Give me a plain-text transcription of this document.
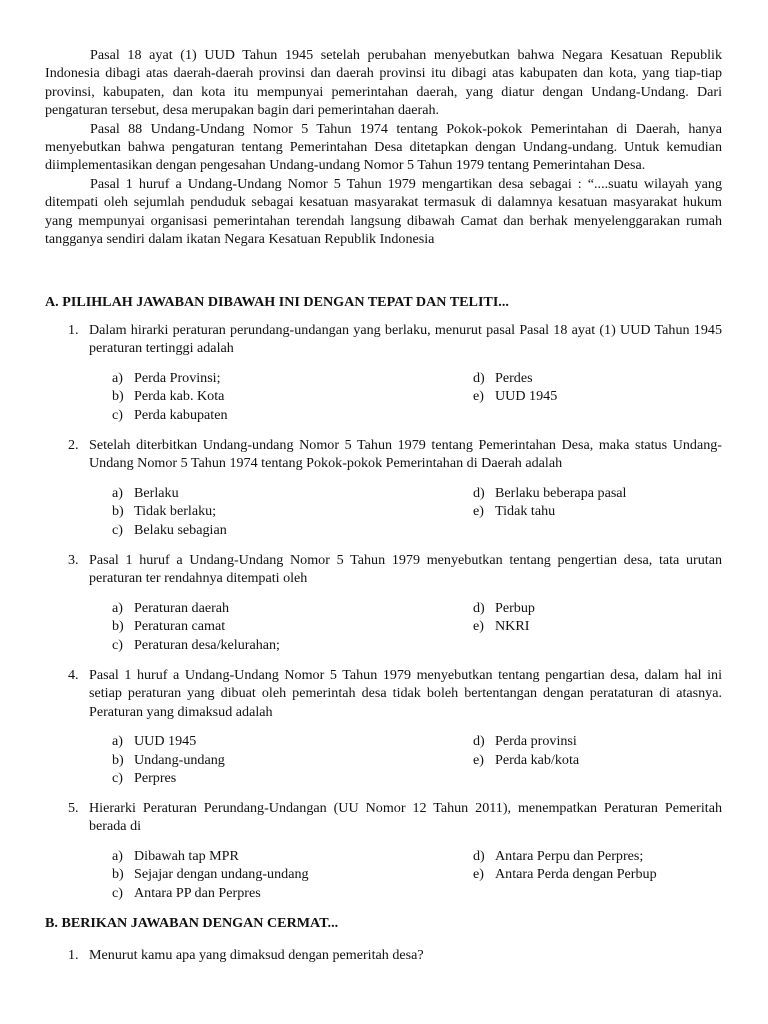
Pasal 18 ayat (1) UUD Tahun 1945 setelah perubahan menyebutkan bahwa Negara Kesatuan Republik Indonesia dibagi atas daerah-daerah provinsi dan daerah provinsi itu dibagi atas kabupaten dan kota, yang tiap-tiap provinsi, kabupaten, dan kota itu mempunyai pemerintahan daerah, yang diatur dengan Undang-Undang. Dari pengaturan tersebut, desa merupakan bagin dari pemerintahan daerah.

Pasal 88 Undang-Undang Nomor 5 Tahun 1974 tentang Pokok-pokok Pemerintahan di Daerah, hanya menyebutkan bahwa pengaturan tentang Pemerintahan Desa ditetapkan dengan Undang-undang. Untuk kemudian diimplementasikan dengan pengesahan Undang-undang Nomor 5 Tahun 1979 tentang Pemerintahan Desa.

Pasal 1 huruf a Undang-Undang Nomor 5 Tahun 1979 mengartikan desa sebagai : “....suatu wilayah yang ditempati oleh sejumlah penduduk sebagai kesatuan masyarakat termasuk di dalamnya kesatuan masyarakat hukum yang mempunyai organisasi pemerintahan terendah langsung dibawah Camat dan berhak menyelenggarakan rumah tangganya sendiri dalam ikatan Negara Kesatuan Republik Indonesia

A. PILIHLAH JAWABAN DIBAWAH INI DENGAN TEPAT DAN TELITI...
1. Dalam hirarki peraturan perundang-undangan yang berlaku, menurut pasal Pasal 18 ayat (1) UUD Tahun 1945 peraturan tertinggi adalah
a) Perda Provinsi;	d) Perdes
b) Perda kab. Kota	e) UUD 1945
c) Perda kabupaten
2. Setelah diterbitkan Undang-undang Nomor 5 Tahun 1979 tentang Pemerintahan Desa, maka status Undang-Undang Nomor 5 Tahun 1974 tentang Pokok-pokok Pemerintahan di Daerah adalah
a) Berlaku	d) Berlaku beberapa pasal
b) Tidak berlaku;	e) Tidak tahu
c) Belaku sebagian
3. Pasal 1 huruf a Undang-Undang Nomor 5 Tahun 1979 menyebutkan tentang pengertian desa, tata urutan peraturan ter rendahnya ditempati oleh
a) Peraturan daerah	d) Perbup
b) Peraturan camat	e) NKRI
c) Peraturan desa/kelurahan;
4. Pasal 1 huruf a Undang-Undang Nomor 5 Tahun 1979 menyebutkan tentang pengartian desa, dalam hal ini setiap peraturan yang dibuat oleh pemerintah desa tidak boleh bertentangan dengan perataturan di atasnya. Peraturan yang dimaksud adalah
a) UUD 1945	d) Perda provinsi
b) Undang-undang	e) Perda kab/kota
c) Perpres
5. Hierarki Peraturan Perundang-Undangan (UU Nomor 12 Tahun 2011), menempatkan Peraturan Pemeritah berada di
a) Dibawah tap MPR	d) Antara Perpu dan Perpres;
b) Sejajar dengan undang-undang	e) Antara Perda dengan Perbup
c) Antara PP dan Perpres
B. BERIKAN JAWABAN DENGAN CERMAT...
1. Menurut kamu apa yang dimaksud dengan pemeritah desa?
